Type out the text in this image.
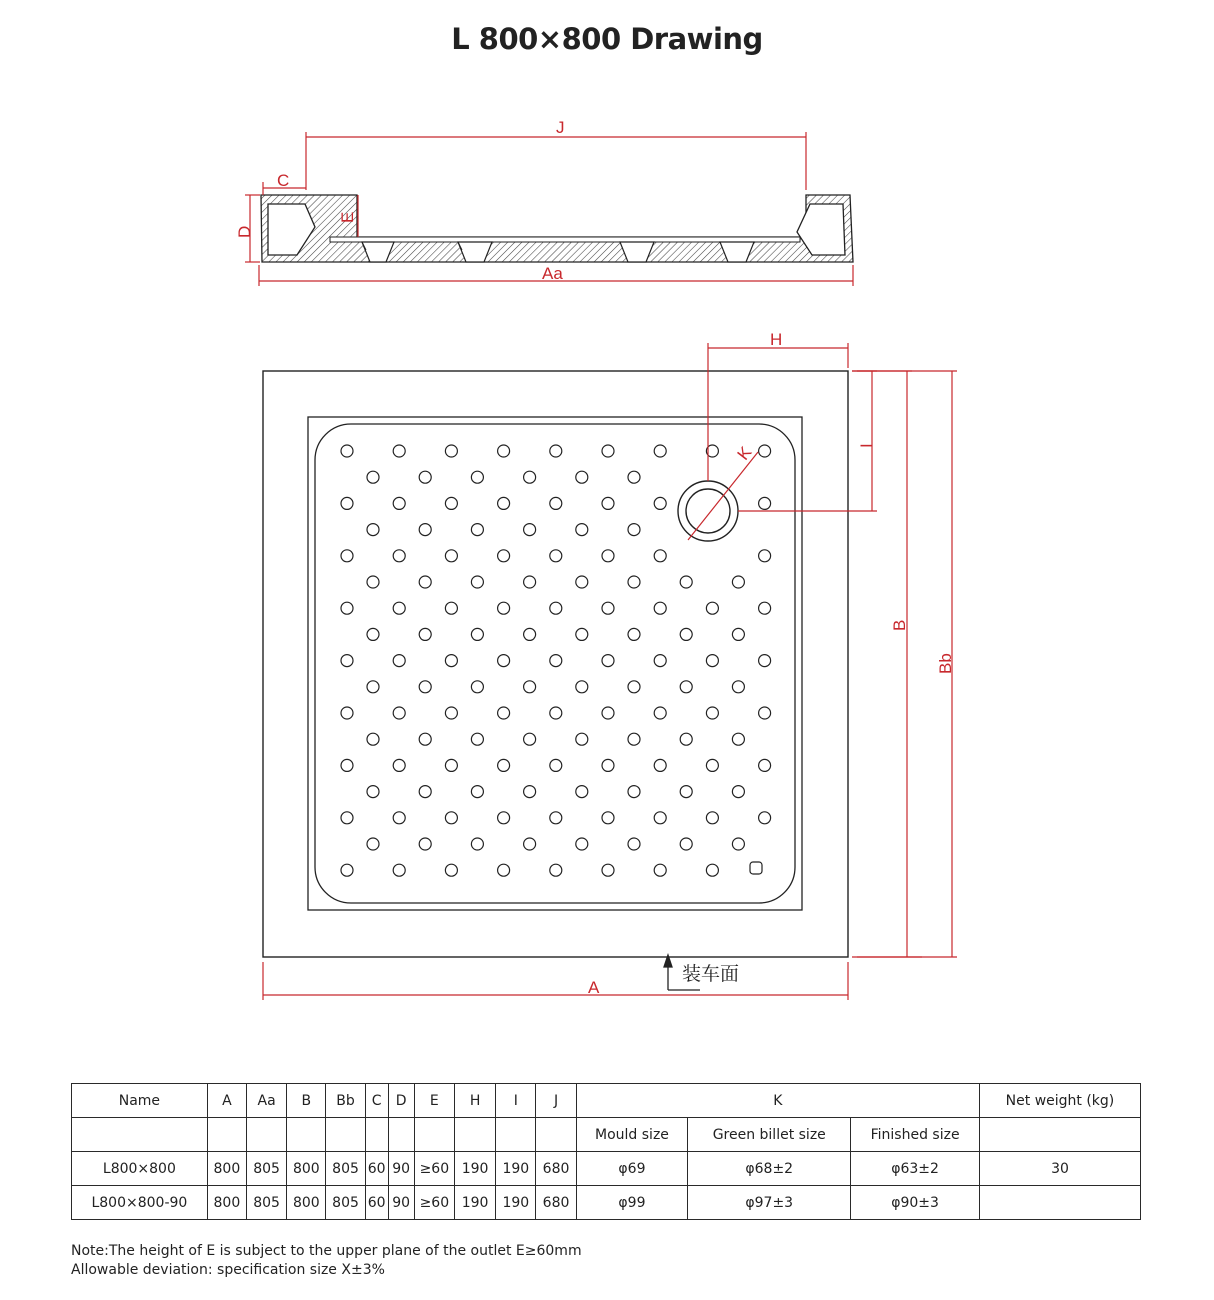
L 800×800 Drawing
J
C
D
E
Aa
H
I
K
B
Bb
A
装车面
Name	A	Aa	B	Bb	C	D	E	H	I	J	K			Net weight (kg)
											Mould size	Green billet size	Finished size	
L800×800	800	805	800	805	60	90	≥60	190	190	680	φ69	φ68±2	φ63±2	30
L800×800-90	800	805	800	805	60	90	≥60	190	190	680	φ99	φ97±3	φ90±3	
Note:The height of E is subject to the upper plane of the outlet E≥60mm
Allowable deviation: specification size X±3%
